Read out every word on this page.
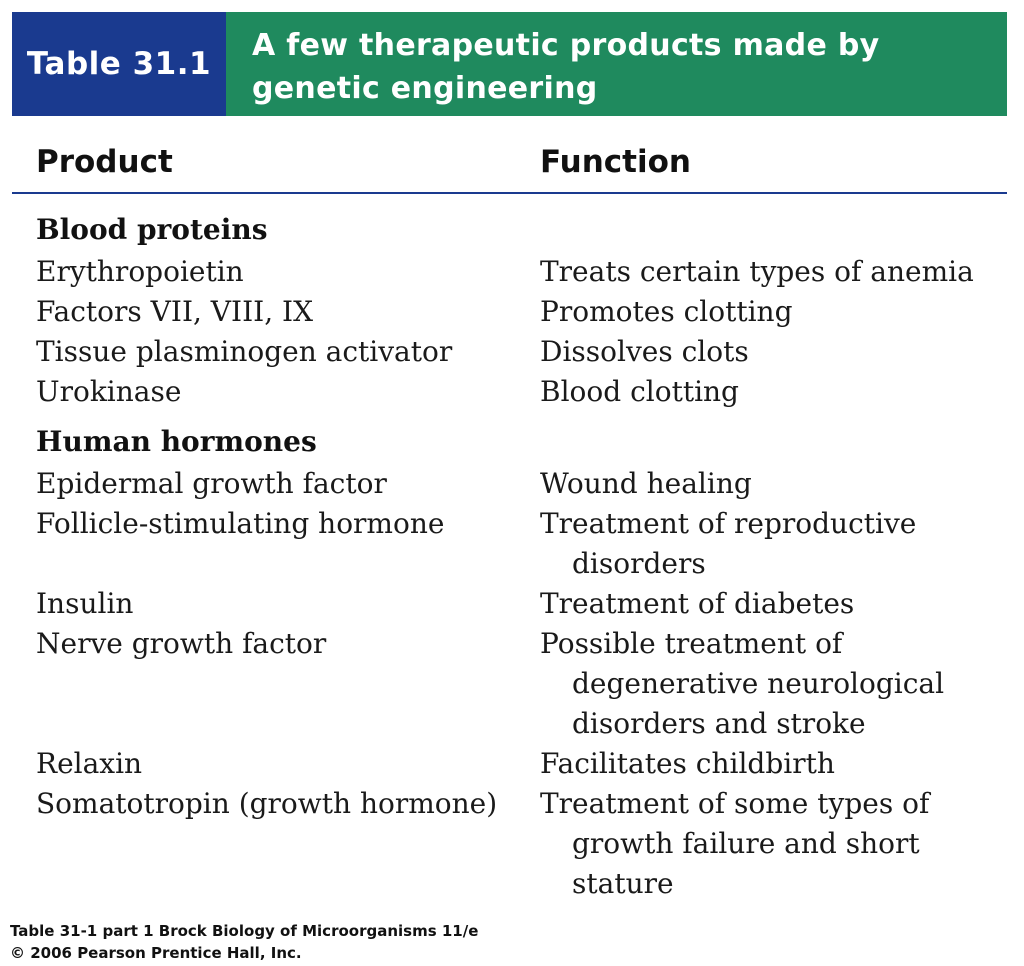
Table 31.1
A few therapeutic products made by
genetic engineering
Product	Function
Blood proteins
Erythropoietin	Treats certain types of anemia
Factors VII, VIII, IX	Promotes clotting
Tissue plasminogen activator	Dissolves clots
Urokinase	Blood clotting
Human hormones
Epidermal growth factor	Wound healing
Follicle-stimulating hormone	Treatment of reproductive
disorders
Insulin	Treatment of diabetes
Nerve growth factor	Possible treatment of
degenerative neurological
disorders and stroke
Relaxin	Facilitates childbirth
Somatotropin (growth hormone)	Treatment of some types of
growth failure and short
stature
Table 31-1 part 1 Brock Biology of Microorganisms 11/e
© 2006 Pearson Prentice Hall, Inc.
